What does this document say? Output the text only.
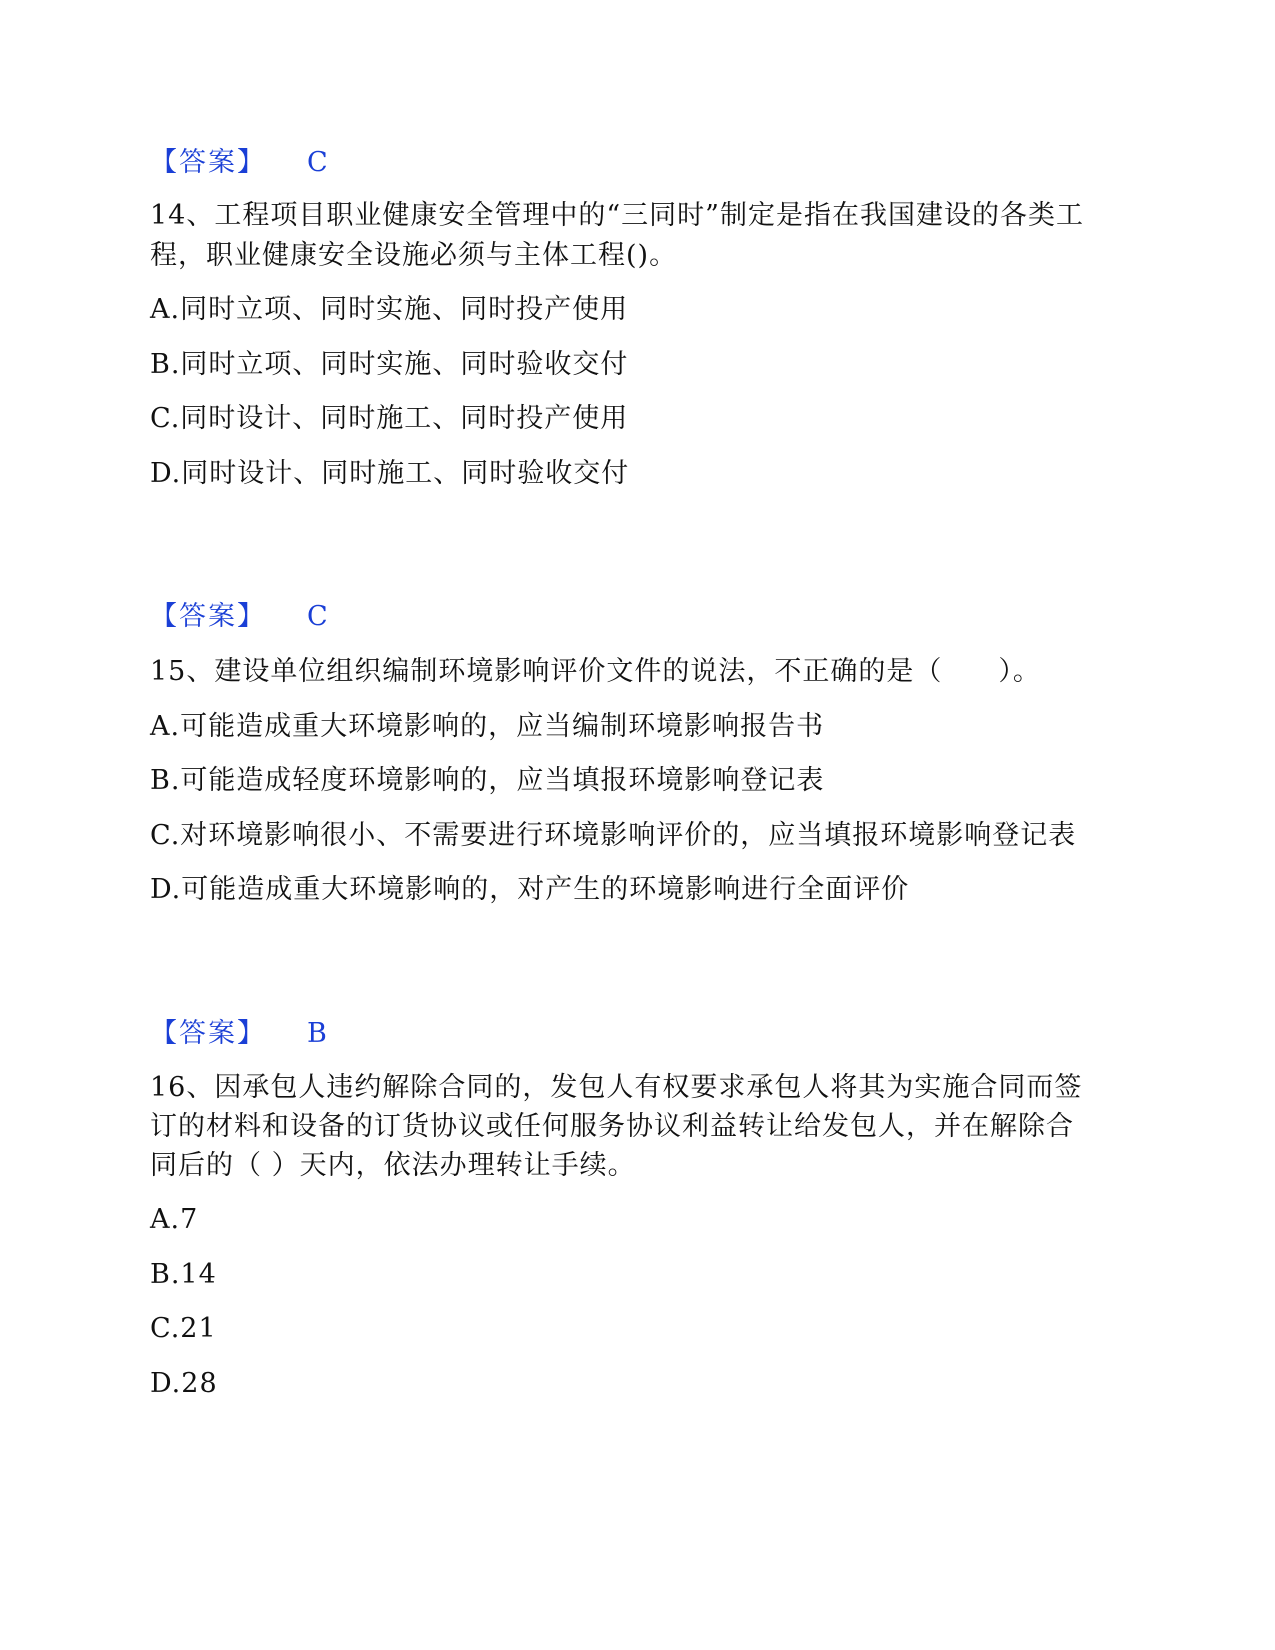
【答案】 C
14、工程项目职业健康安全管理中的“三同时”制定是指在我国建设的各类工
程，职业健康安全设施必须与主体工程()。
A.同时立项、同时实施、同时投产使用
B.同时立项、同时实施、同时验收交付
C.同时设计、同时施工、同时投产使用
D.同时设计、同时施工、同时验收交付
【答案】 C
15、建设单位组织编制环境影响评价文件的说法，不正确的是（　　）。
A.可能造成重大环境影响的，应当编制环境影响报告书
B.可能造成轻度环境影响的，应当填报环境影响登记表
C.对环境影响很小、不需要进行环境影响评价的，应当填报环境影响登记表
D.可能造成重大环境影响的，对产生的环境影响进行全面评价
【答案】 B
16、因承包人违约解除合同的，发包人有权要求承包人将其为实施合同而签
订的材料和设备的订货协议或任何服务协议利益转让给发包人，并在解除合
同后的（ ）天内，依法办理转让手续。
A.7
B.14
C.21
D.28
